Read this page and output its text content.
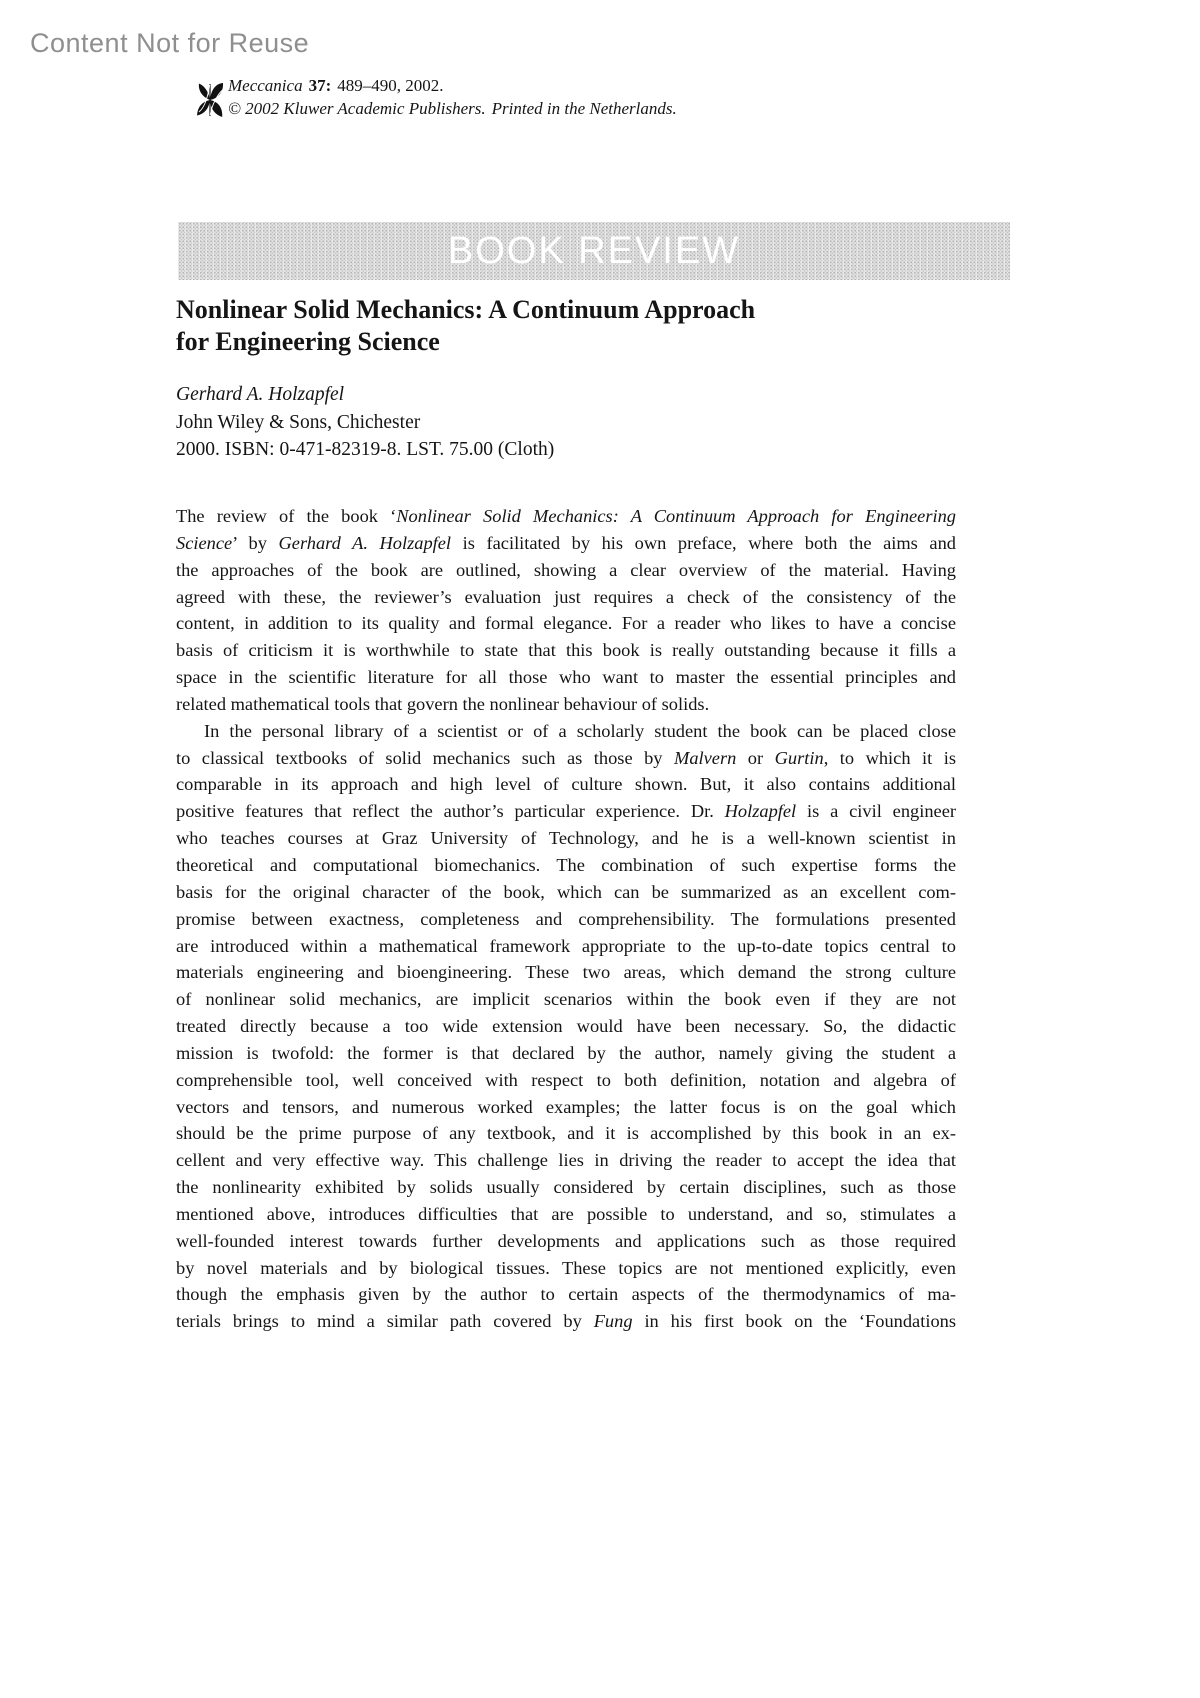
Content Not for Reuse
Meccanica 37: 489–490, 2002.
© 2002 Kluwer Academic Publishers. Printed in the Netherlands.
BOOK REVIEW
Nonlinear Solid Mechanics: A Continuum Approach
for Engineering Science
Gerhard A. Holzapfel
John Wiley & Sons, Chichester
2000. ISBN: 0-471-82319-8. LST. 75.00 (Cloth)
The review of the book ‘Nonlinear Solid Mechanics: A Continuum Approach for Engineering
Science’ by Gerhard A. Holzapfel is facilitated by his own preface, where both the aims and
the approaches of the book are outlined, showing a clear overview of the material. Having
agreed with these, the reviewer’s evaluation just requires a check of the consistency of the
content, in addition to its quality and formal elegance. For a reader who likes to have a concise
basis of criticism it is worthwhile to state that this book is really outstanding because it fills a
space in the scientific literature for all those who want to master the essential principles and
related mathematical tools that govern the nonlinear behaviour of solids.
In the personal library of a scientist or of a scholarly student the book can be placed close
to classical textbooks of solid mechanics such as those by Malvern or Gurtin, to which it is
comparable in its approach and high level of culture shown. But, it also contains additional
positive features that reflect the author’s particular experience. Dr. Holzapfel is a civil engineer
who teaches courses at Graz University of Technology, and he is a well-known scientist in
theoretical and computational biomechanics. The combination of such expertise forms the
basis for the original character of the book, which can be summarized as an excellent com-
promise between exactness, completeness and comprehensibility. The formulations presented
are introduced within a mathematical framework appropriate to the up-to-date topics central to
materials engineering and bioengineering. These two areas, which demand the strong culture
of nonlinear solid mechanics, are implicit scenarios within the book even if they are not
treated directly because a too wide extension would have been necessary. So, the didactic
mission is twofold: the former is that declared by the author, namely giving the student a
comprehensible tool, well conceived with respect to both definition, notation and algebra of
vectors and tensors, and numerous worked examples; the latter focus is on the goal which
should be the prime purpose of any textbook, and it is accomplished by this book in an ex-
cellent and very effective way. This challenge lies in driving the reader to accept the idea that
the nonlinearity exhibited by solids usually considered by certain disciplines, such as those
mentioned above, introduces difficulties that are possible to understand, and so, stimulates a
well-founded interest towards further developments and applications such as those required
by novel materials and by biological tissues. These topics are not mentioned explicitly, even
though the emphasis given by the author to certain aspects of the thermodynamics of ma-
terials brings to mind a similar path covered by Fung in his first book on the ‘Foundations
